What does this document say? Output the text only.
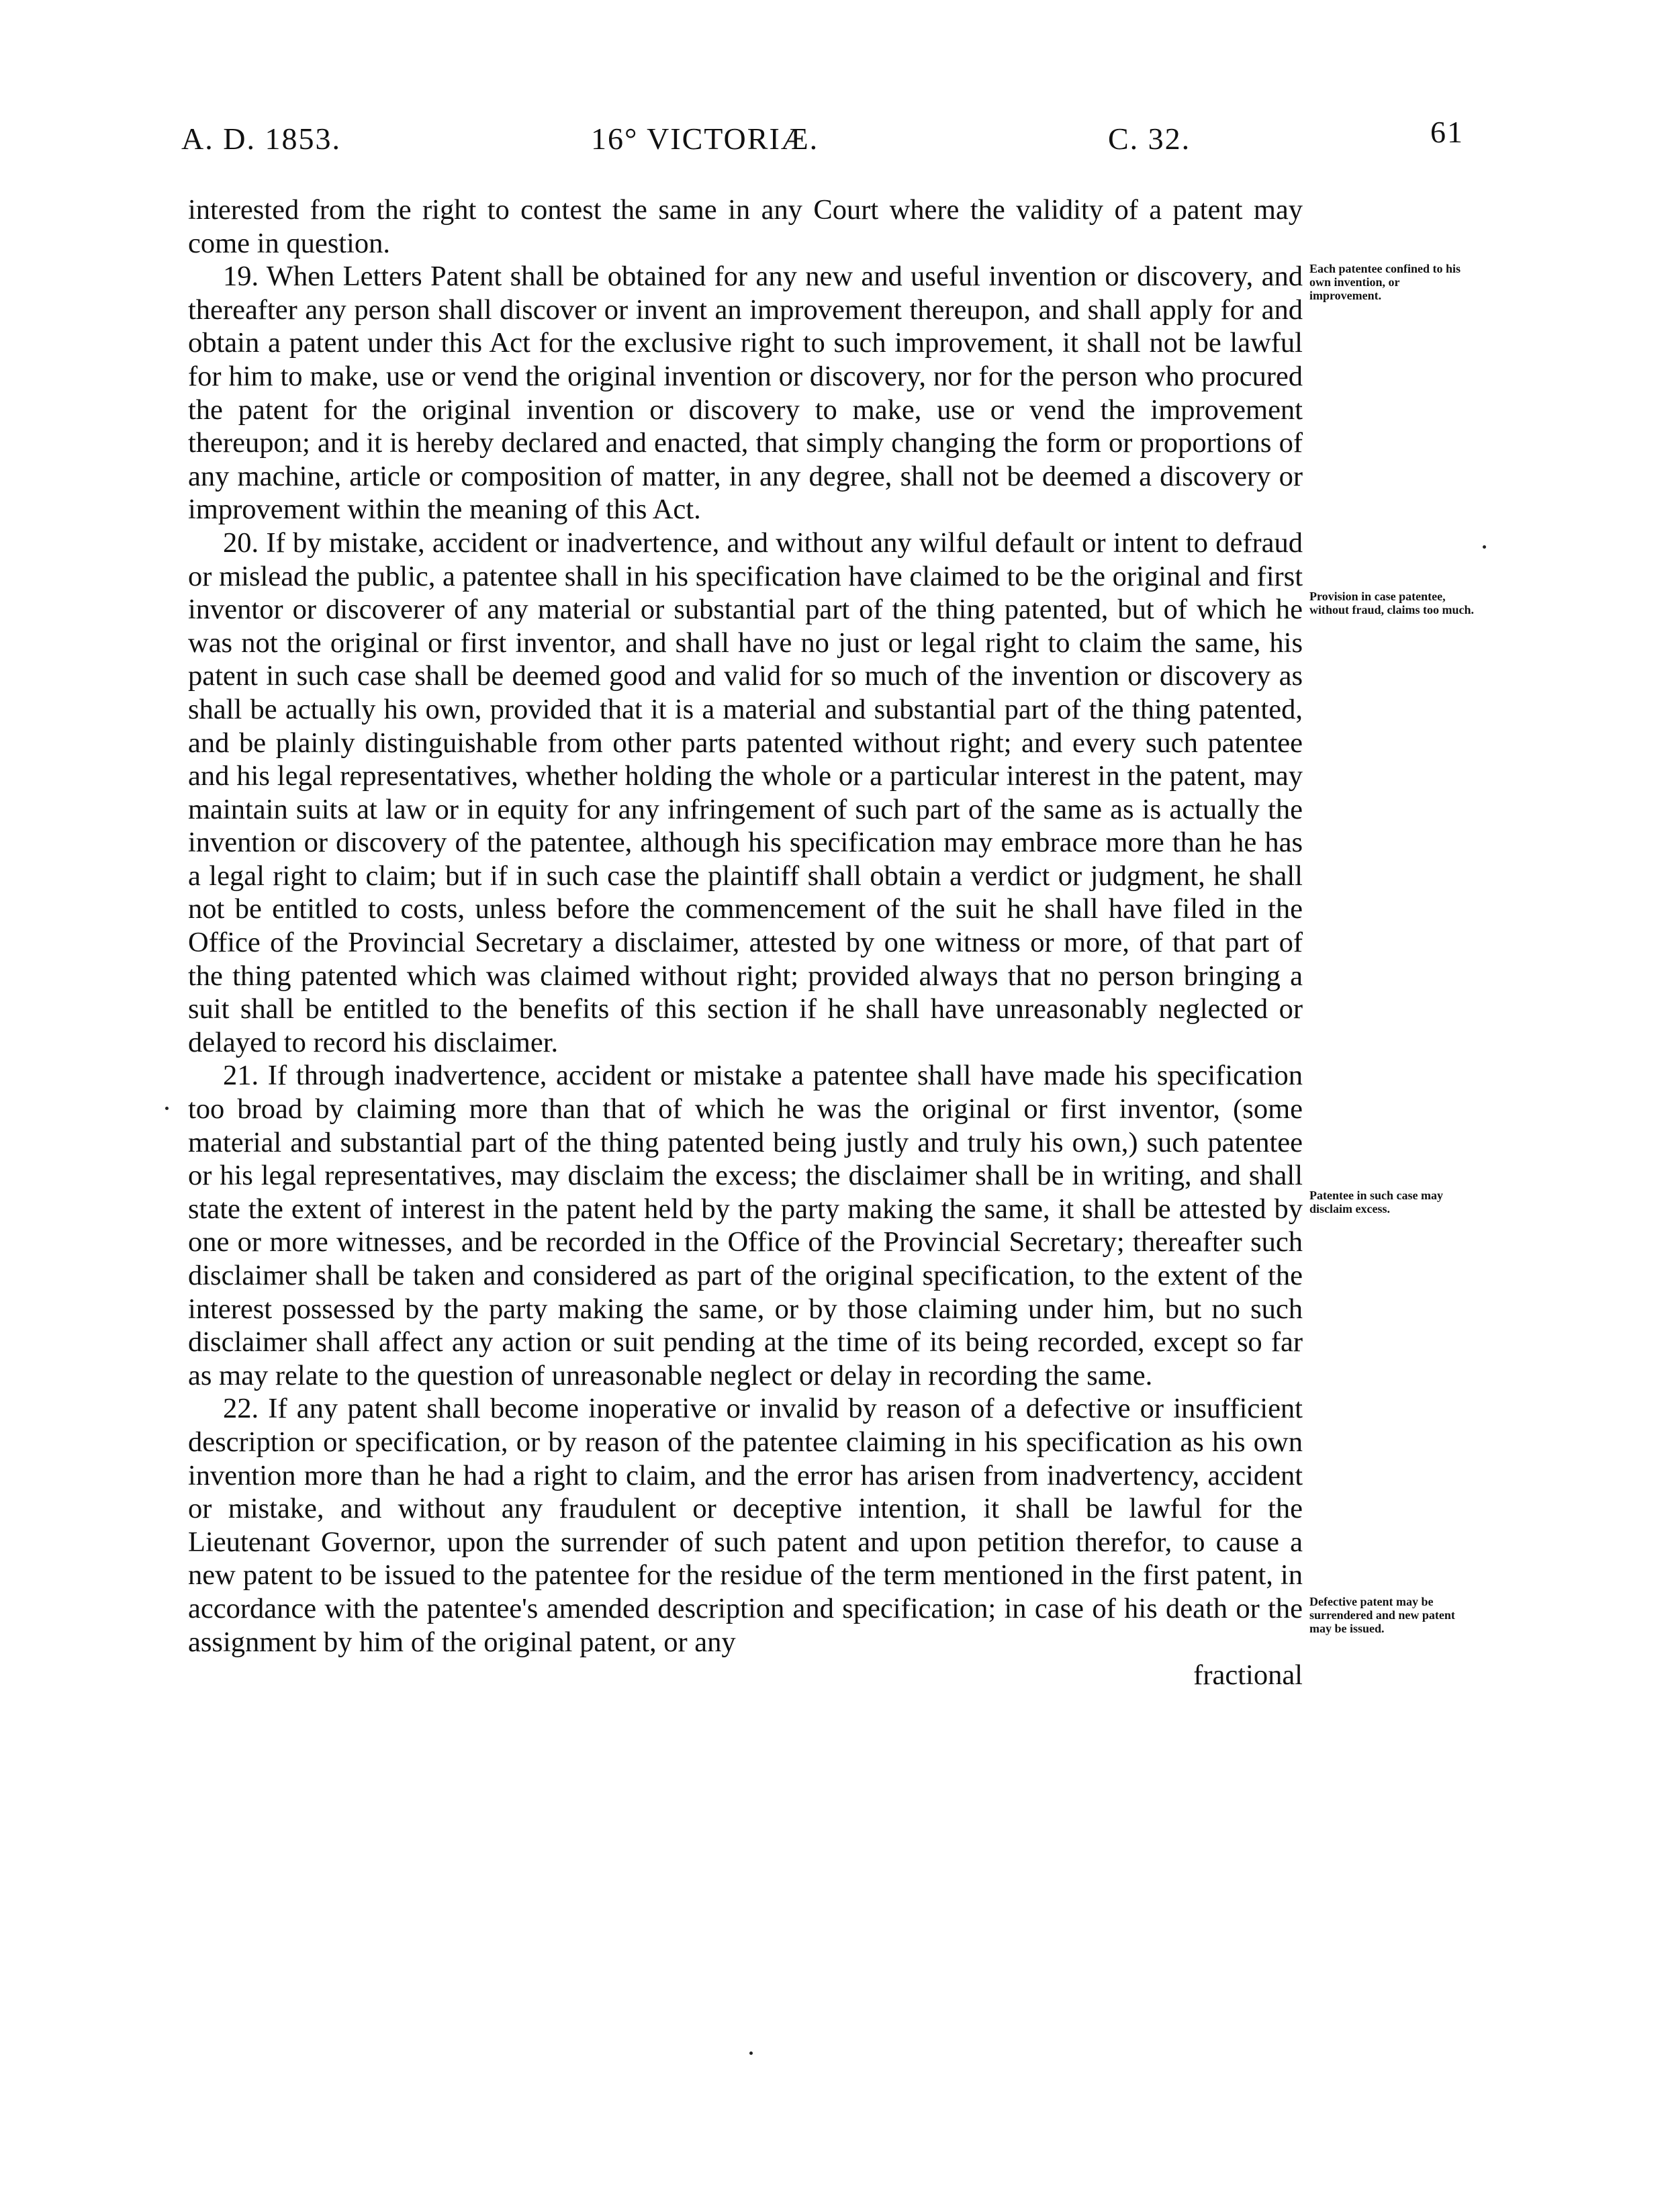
A. D. 1853.	16° VICTORIÆ.	C. 32.	61

interested from the right to contest the same in any Court where the validity of a patent may come in question.

19. When Letters Patent shall be obtained for any new and useful invention or discovery, and thereafter any person shall discover or invent an improvement thereupon, and shall apply for and obtain a patent under this Act for the exclusive right to such improvement, it shall not be lawful for him to make, use or vend the original invention or discovery, nor for the person who procured the patent for the original invention or discovery to make, use or vend the improvement thereupon; and it is hereby declared and enacted, that simply changing the form or proportions of any machine, article or composition of matter, in any degree, shall not be deemed a discovery or improvement within the meaning of this Act.

20. If by mistake, accident or inadvertence, and without any wilful default or intent to defraud or mislead the public, a patentee shall in his specification have claimed to be the original and first inventor or discoverer of any material or substantial part of the thing patented, but of which he was not the original or first inventor, and shall have no just or legal right to claim the same, his patent in such case shall be deemed good and valid for so much of the invention or discovery as shall be actually his own, provided that it is a material and substantial part of the thing patented, and be plainly distinguishable from other parts patented without right; and every such patentee and his legal representatives, whether holding the whole or a particular interest in the patent, may maintain suits at law or in equity for any infringement of such part of the same as is actually the invention or discovery of the patentee, although his specification may embrace more than he has a legal right to claim; but if in such case the plaintiff shall obtain a verdict or judgment, he shall not be entitled to costs, unless before the commencement of the suit he shall have filed in the Office of the Provincial Secretary a disclaimer, attested by one witness or more, of that part of the thing patented which was claimed without right; provided always that no person bringing a suit shall be entitled to the benefits of this section if he shall have unreasonably neglected or delayed to record his disclaimer.

21. If through inadvertence, accident or mistake a patentee shall have made his specification too broad by claiming more than that of which he was the original or first inventor, (some material and substantial part of the thing patented being justly and truly his own,) such patentee or his legal representatives, may disclaim the excess; the disclaimer shall be in writing, and shall state the extent of interest in the patent held by the party making the same, it shall be attested by one or more witnesses, and be recorded in the Office of the Provincial Secretary; thereafter such disclaimer shall be taken and considered as part of the original specification, to the extent of the interest possessed by the party making the same, or by those claiming under him, but no such disclaimer shall affect any action or suit pending at the time of its being recorded, except so far as may relate to the question of unreasonable neglect or delay in recording the same.

22. If any patent shall become inoperative or invalid by reason of a defective or insufficient description or specification, or by reason of the patentee claiming in his specification as his own invention more than he had a right to claim, and the error has arisen from inadvertency, accident or mistake, and without any fraudulent or deceptive intention, it shall be lawful for the Lieutenant Governor, upon the surrender of such patent and upon petition therefor, to cause a new patent to be issued to the patentee for the residue of the term mentioned in the first patent, in accordance with the patentee's amended description and specification; in case of his death or the assignment by him of the original patent, or any

fractional

Each patentee confined to his own invention, or improvement.
Provision in case patentee, without fraud, claims too much.
Patentee in such case may disclaim excess.
Defective patent may be surrendered and new patent may be issued.
